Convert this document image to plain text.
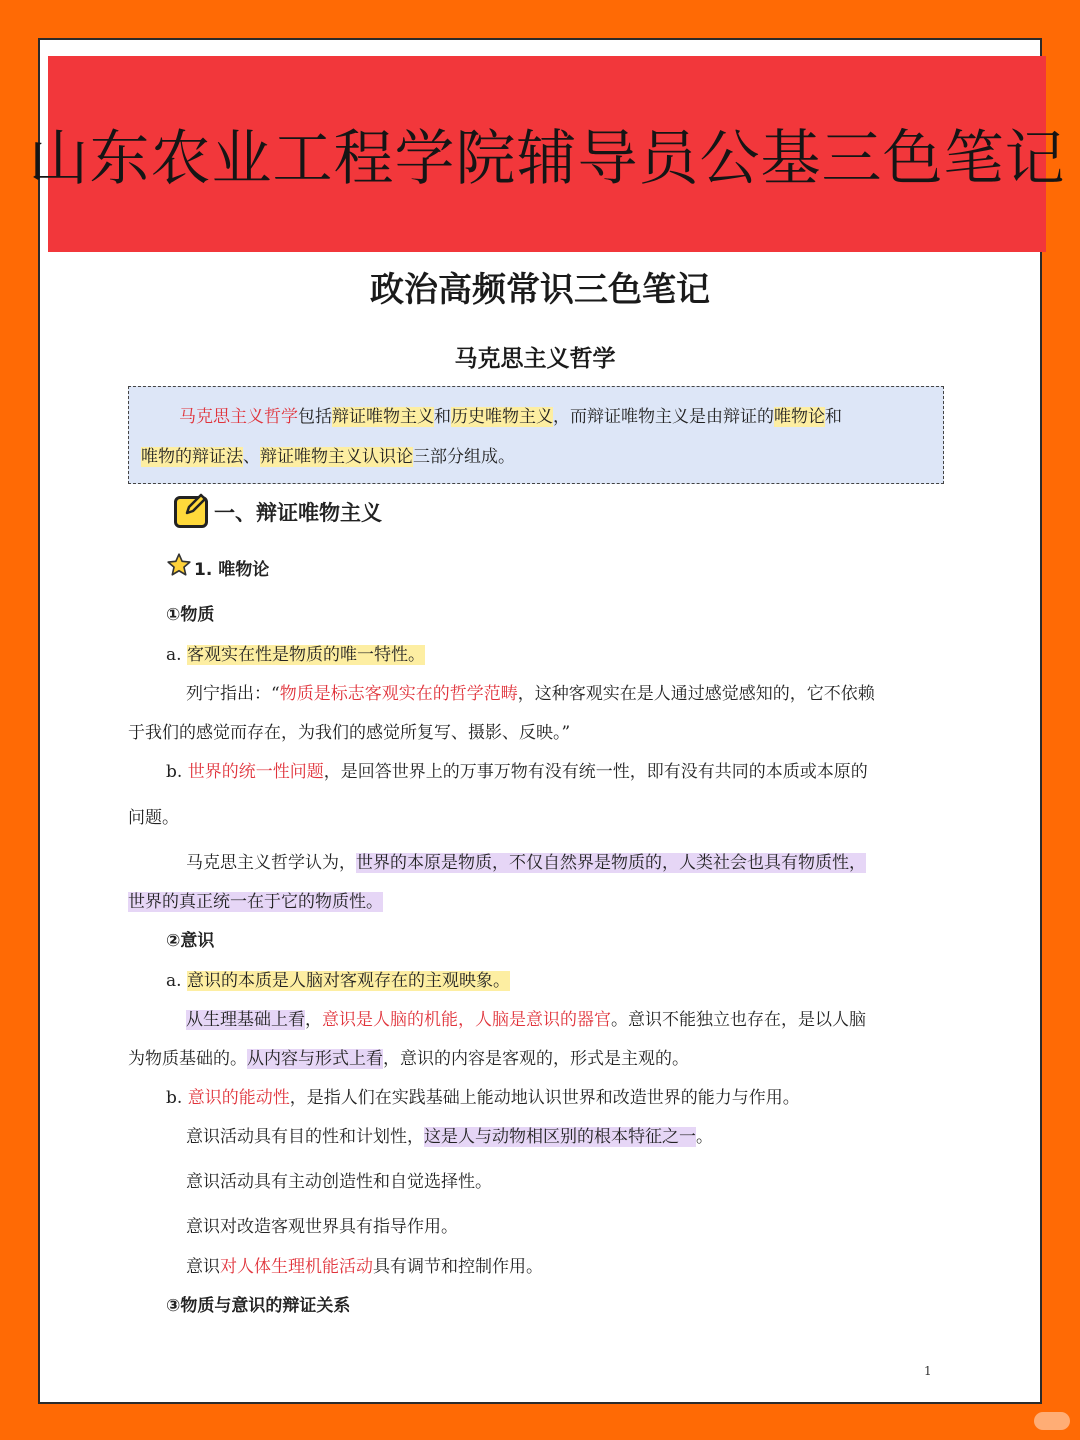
山东农业工程学院辅导员公基三色笔记
政治高频常识三色笔记
马克思主义哲学
马克思主义哲学包括辩证唯物主义和历史唯物主义，而辩证唯物主义是由辩证的唯物论和
唯物的辩证法、辩证唯物主义认识论三部分组成。
一、辩证唯物主义
1. 唯物论
①物质
a. 客观实在性是物质的唯一特性。
列宁指出：“物质是标志客观实在的哲学范畴，这种客观实在是人通过感觉感知的，它不依赖
于我们的感觉而存在，为我们的感觉所复写、摄影、反映。”
b. 世界的统一性问题，是回答世界上的万事万物有没有统一性，即有没有共同的本质或本原的
问题。
马克思主义哲学认为，世界的本原是物质，不仅自然界是物质的，人类社会也具有物质性，
世界的真正统一在于它的物质性。
②意识
a. 意识的本质是人脑对客观存在的主观映象。
从生理基础上看，意识是人脑的机能，人脑是意识的器官。意识不能独立也存在，是以人脑
为物质基础的。从内容与形式上看，意识的内容是客观的，形式是主观的。
b. 意识的能动性，是指人们在实践基础上能动地认识世界和改造世界的能力与作用。
意识活动具有目的性和计划性，这是人与动物相区别的根本特征之一。
意识活动具有主动创造性和自觉选择性。
意识对改造客观世界具有指导作用。
意识对人体生理机能活动具有调节和控制作用。
③物质与意识的辩证关系
1
